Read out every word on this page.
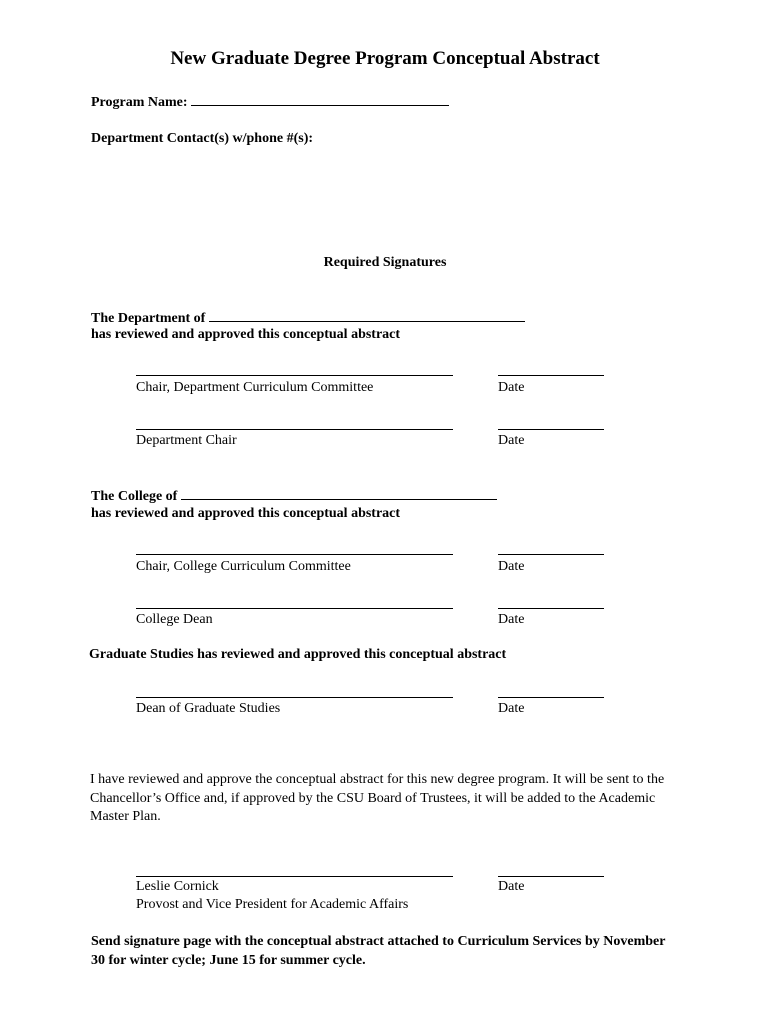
New Graduate Degree Program Conceptual Abstract
Program Name:
Department Contact(s) w/phone #(s):
Required Signatures
The Department of
has reviewed and approved this conceptual abstract
Chair, Department Curriculum Committee	Date
Department Chair	Date
The College of
has reviewed and approved this conceptual abstract
Chair, College Curriculum Committee	Date
College Dean	Date
Graduate Studies has reviewed and approved this conceptual abstract
Dean of Graduate Studies	Date
I have reviewed and approve the conceptual abstract for this new degree program. It will be sent to the Chancellor’s Office and, if approved by the CSU Board of Trustees, it will be added to the Academic Master Plan.
Leslie Cornick	Date
Provost and Vice President for Academic Affairs
Send signature page with the conceptual abstract attached to Curriculum Services by November 30 for winter cycle; June 15 for summer cycle.
